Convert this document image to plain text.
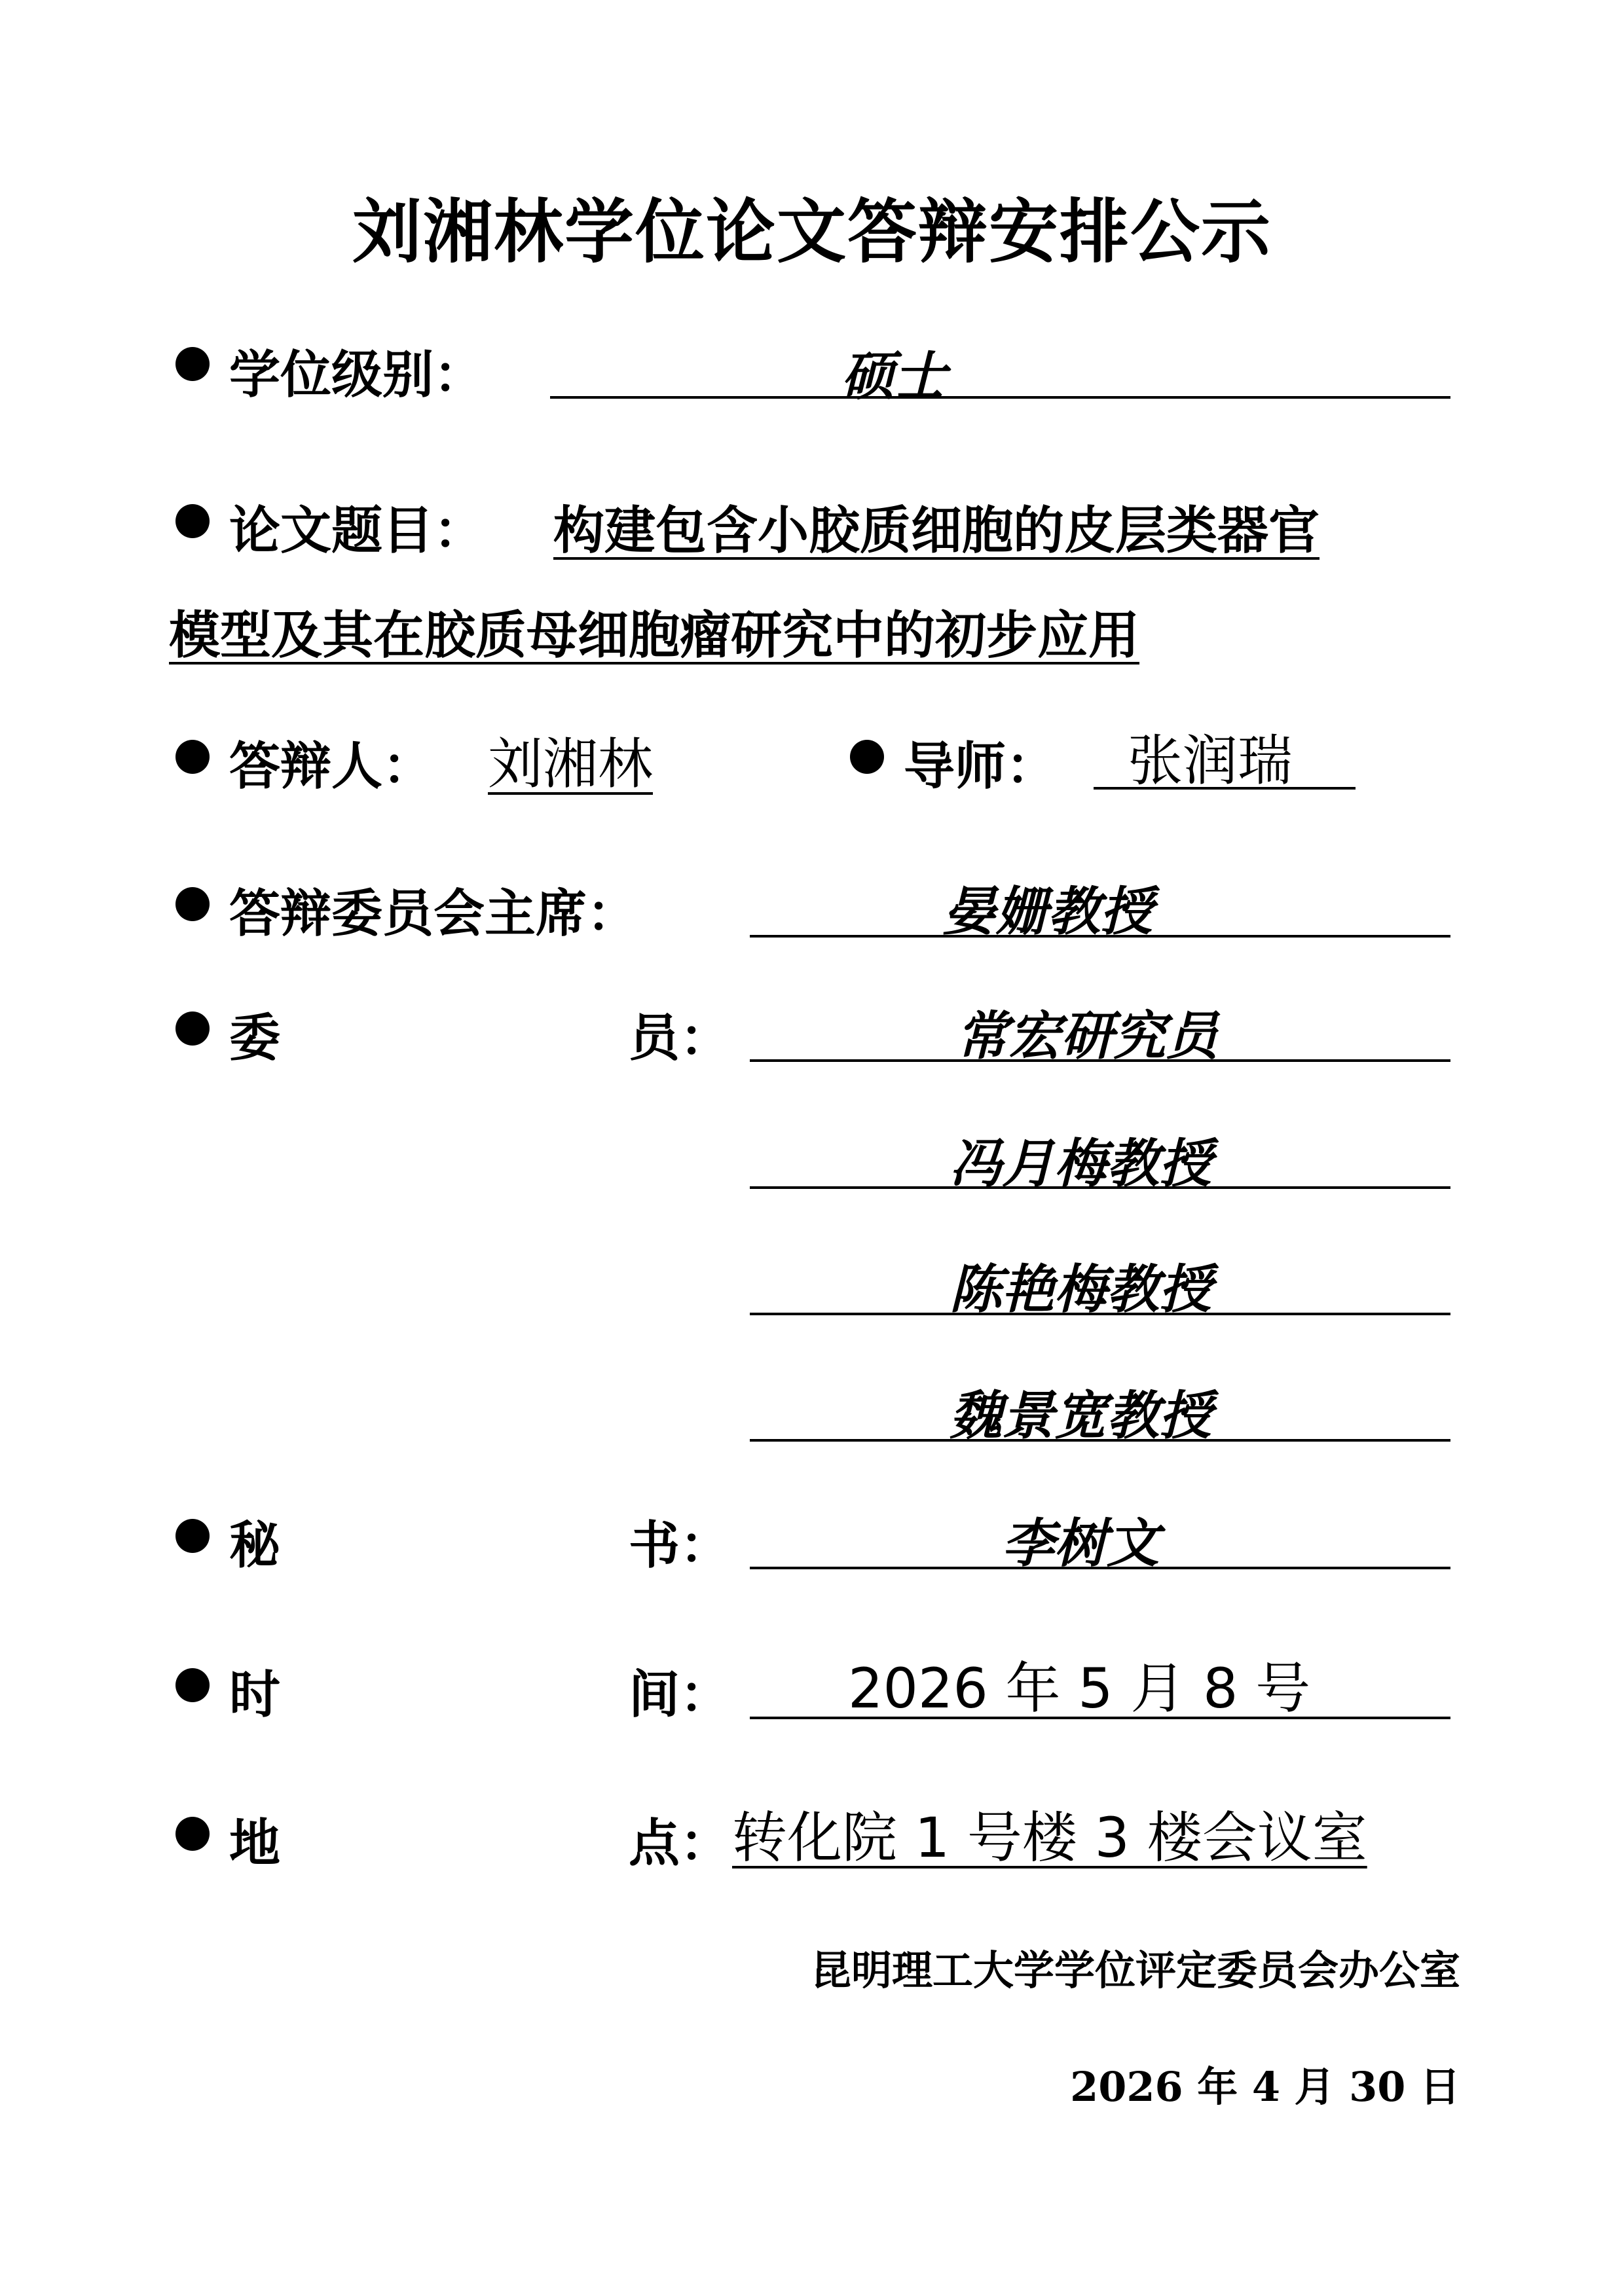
刘湘林学位论文答辩安排公示
学位级别：	硕士
论文题目： 构建包含小胶质细胞的皮层类器官
模型及其在胶质母细胞瘤研究中的初步应用
答辩人： 刘湘林	导师： 张润瑞
答辩委员会主席：	晏姗教授
委	员：	常宏研究员
冯月梅教授
陈艳梅教授
魏景宽教授
秘	书：	李树文
时	间： 2026 年 5 月 8 号
地	点： 转化院 1 号楼 3 楼会议室
昆明理工大学学位评定委员会办公室
2026 年 4 月 30 日
